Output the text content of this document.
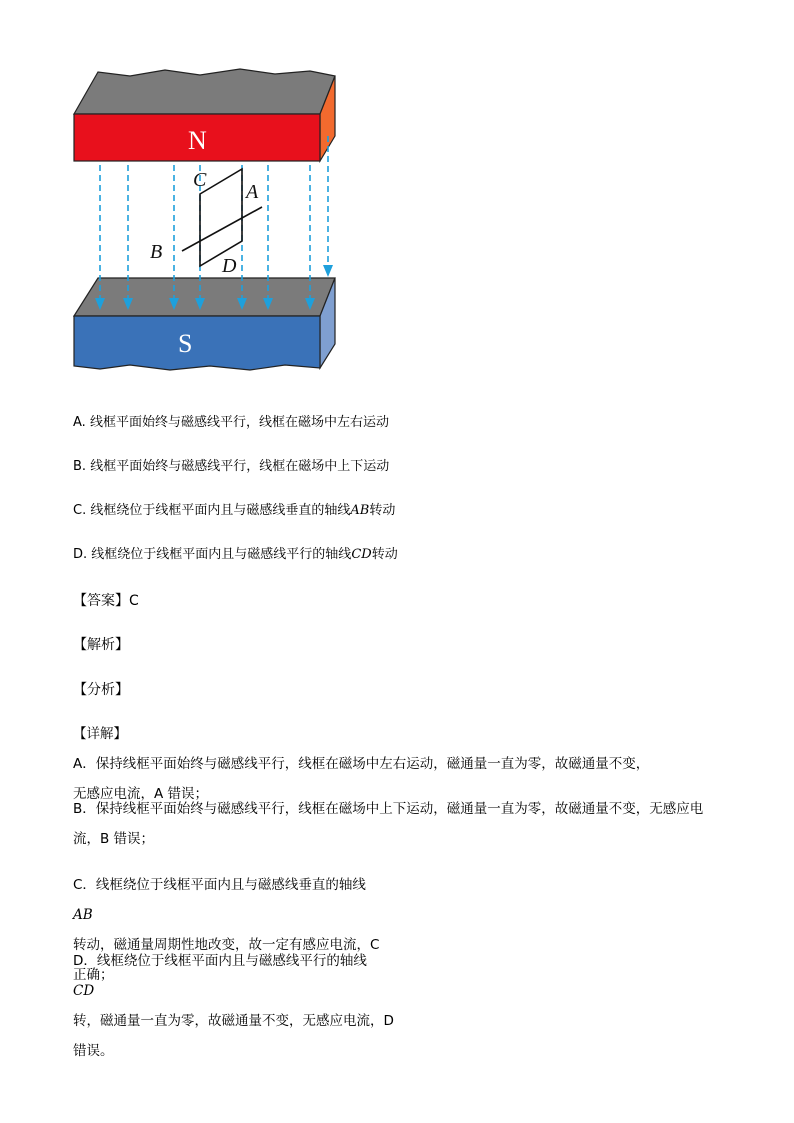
N
S
C
A
B
D
A. 线框平面始终与磁感线平行，线框在磁场中左右运动
B. 线框平面始终与磁感线平行，线框在磁场中上下运动
C. 线框绕位于线框平面内且与磁感线垂直的轴线AB转动
D. 线框绕位于线框平面内且与磁感线平行的轴线CD转动
【答案】C
【解析】
【分析】
【详解】
A．保持线框平面始终与磁感线平行，线框在磁场中左右运动，磁通量一直为零，故磁通量不变，
无感应电流，A 错误；
B．保持线框平面始终与磁感线平行，线框在磁场中上下运动，磁通量一直为零，故磁通量不变，无感应电
流，B 错误；
C．线框绕位于线框平面内且与磁感线垂直的轴线
AB
转动，磁通量周期性地改变，故一定有感应电流，C
正确；
D．线框绕位于线框平面内且与磁感线平行的轴线
CD
转，磁通量一直为零，故磁通量不变，无感应电流，D
错误。
